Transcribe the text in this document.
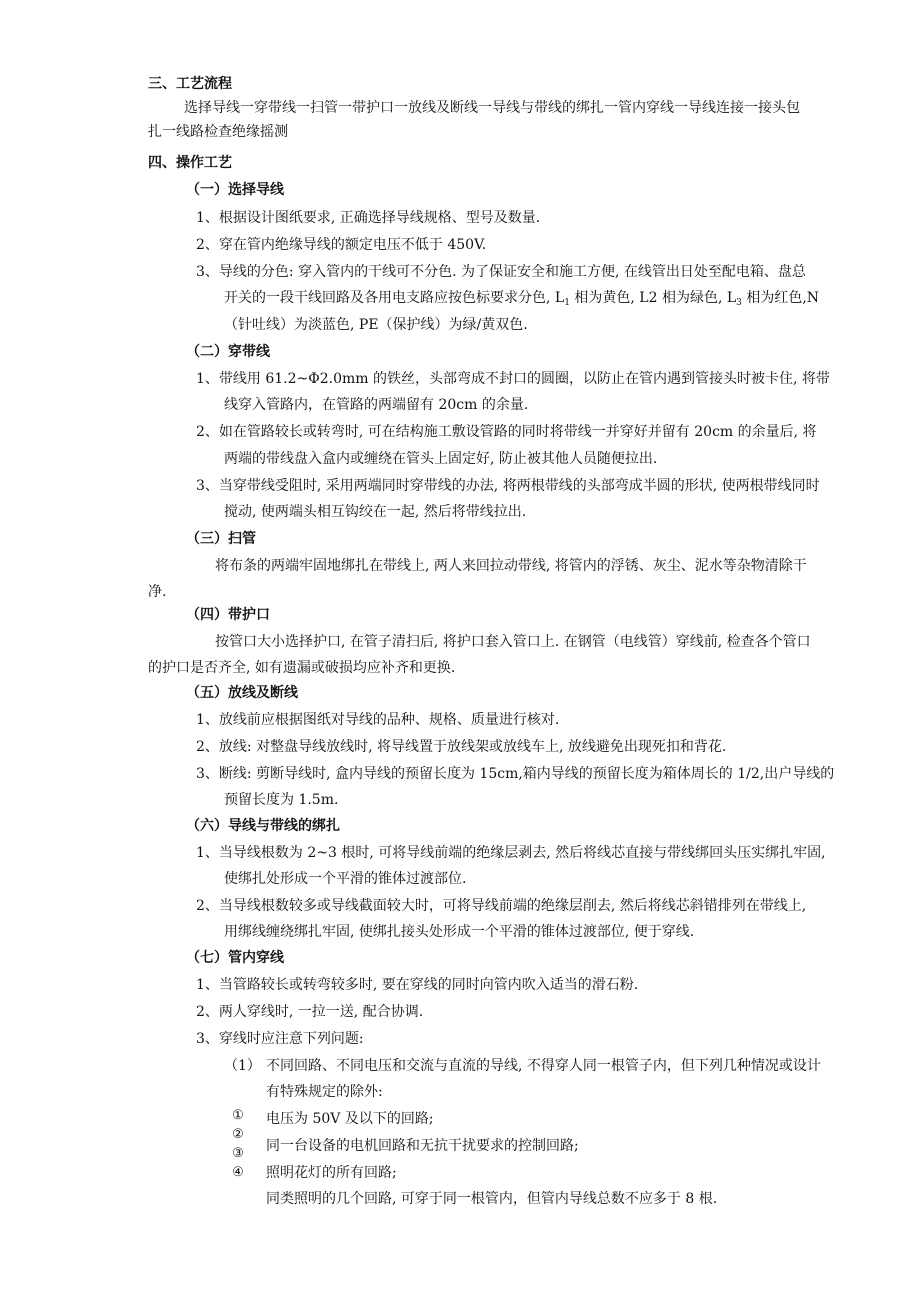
三、工艺流程
选择导线一穿带线一扫管一带护口一放线及断线一导线与带线的绑扎一管内穿线一导线连接一接头包
扎一线路检查绝缘摇测
四、操作工艺
（一）选择导线
1、根据设计图纸要求, 正确选择导线规格、型号及数量.
2、穿在管内绝缘导线的额定电压不低于 450V.
3、导线的分色: 穿入管内的干线可不分色. 为了保证安全和施工方便, 在线管出日处至配电箱、盘总
开关的一段干线回路及各用电支路应按色标要求分色, $L_1$ 相为黄色, L2 相为绿色, $L_3$ 相为红色,N
（针吐线）为淡蓝色, PE（保护线）为绿/黄双色.
（二）穿带线
1、带线用 61.2~Φ2.0mm 的铁丝，头部弯成不封口的圆圈，以防止在管内遇到管接头时被卡住, 将带
线穿入管路内，在管路的两端留有 20cm 的余量.
2、如在管路较长或转弯时, 可在结构施工敷设管路的同时将带线一并穿好并留有 20cm 的余量后, 将
两端的带线盘入盒内或缠绕在管头上固定好, 防止被其他人员随便拉出.
3、当穿带线受阻时, 采用两端同时穿带线的办法, 将两根带线的头部弯成半圆的形状, 使两根带线同时
搅动, 使两端头相互钩绞在一起, 然后将带线拉出.
（三）扫管
将布条的两端牢固地绑扎在带线上, 两人来回拉动带线, 将管内的浮锈、灰尘、泥水等杂物清除干
净.
（四）带护口
按管口大小选择护口, 在管子清扫后, 将护口套入管口上. 在钢管（电线管）穿线前, 检查各个管口
的护口是否齐全, 如有遗漏或破损均应补齐和更换.
（五）放线及断线
1、放线前应根据图纸对导线的品种、规格、质量进行核对.
2、放线: 对整盘导线放线时, 将导线置于放线架或放线车上, 放线避免出现死扣和背花.
3、断线: 剪断导线时, 盒内导线的预留长度为 15cm,箱内导线的预留长度为箱体周长的 1/2,出户导线的
预留长度为 1.5m.
（六）导线与带线的绑扎
1、当导线根数为 2~3 根时, 可将导线前端的绝缘层剥去, 然后将线芯直接与带线绑回头压实绑扎牢固,
使绑扎处形成一个平滑的锥体过渡部位.
2、当导线根数较多或导线截面较大时，可将导线前端的绝缘层削去, 然后将线芯斜错排列在带线上,
用绑线缠绕绑扎牢固, 使绑扎接头处形成一个平滑的锥体过渡部位, 便于穿线.
（七）管内穿线
1、当管路较长或转弯较多时, 要在穿线的同时向管内吹入适当的滑石粉.
2、两人穿线时, 一拉一送, 配合协调.
3、穿线时应注意下列问题:
（1） 不同回路、不同电压和交流与直流的导线, 不得穿人同一根管子内，但下列几种情况或设计
有特殊规定的除外:
①
②
③
④
电压为 50V 及以下的回路;
同一台设备的电机回路和无抗干扰要求的控制回路;
照明花灯的所有回路;
同类照明的几个回路, 可穿于同一根管内，但管内导线总数不应多于 8 根.
